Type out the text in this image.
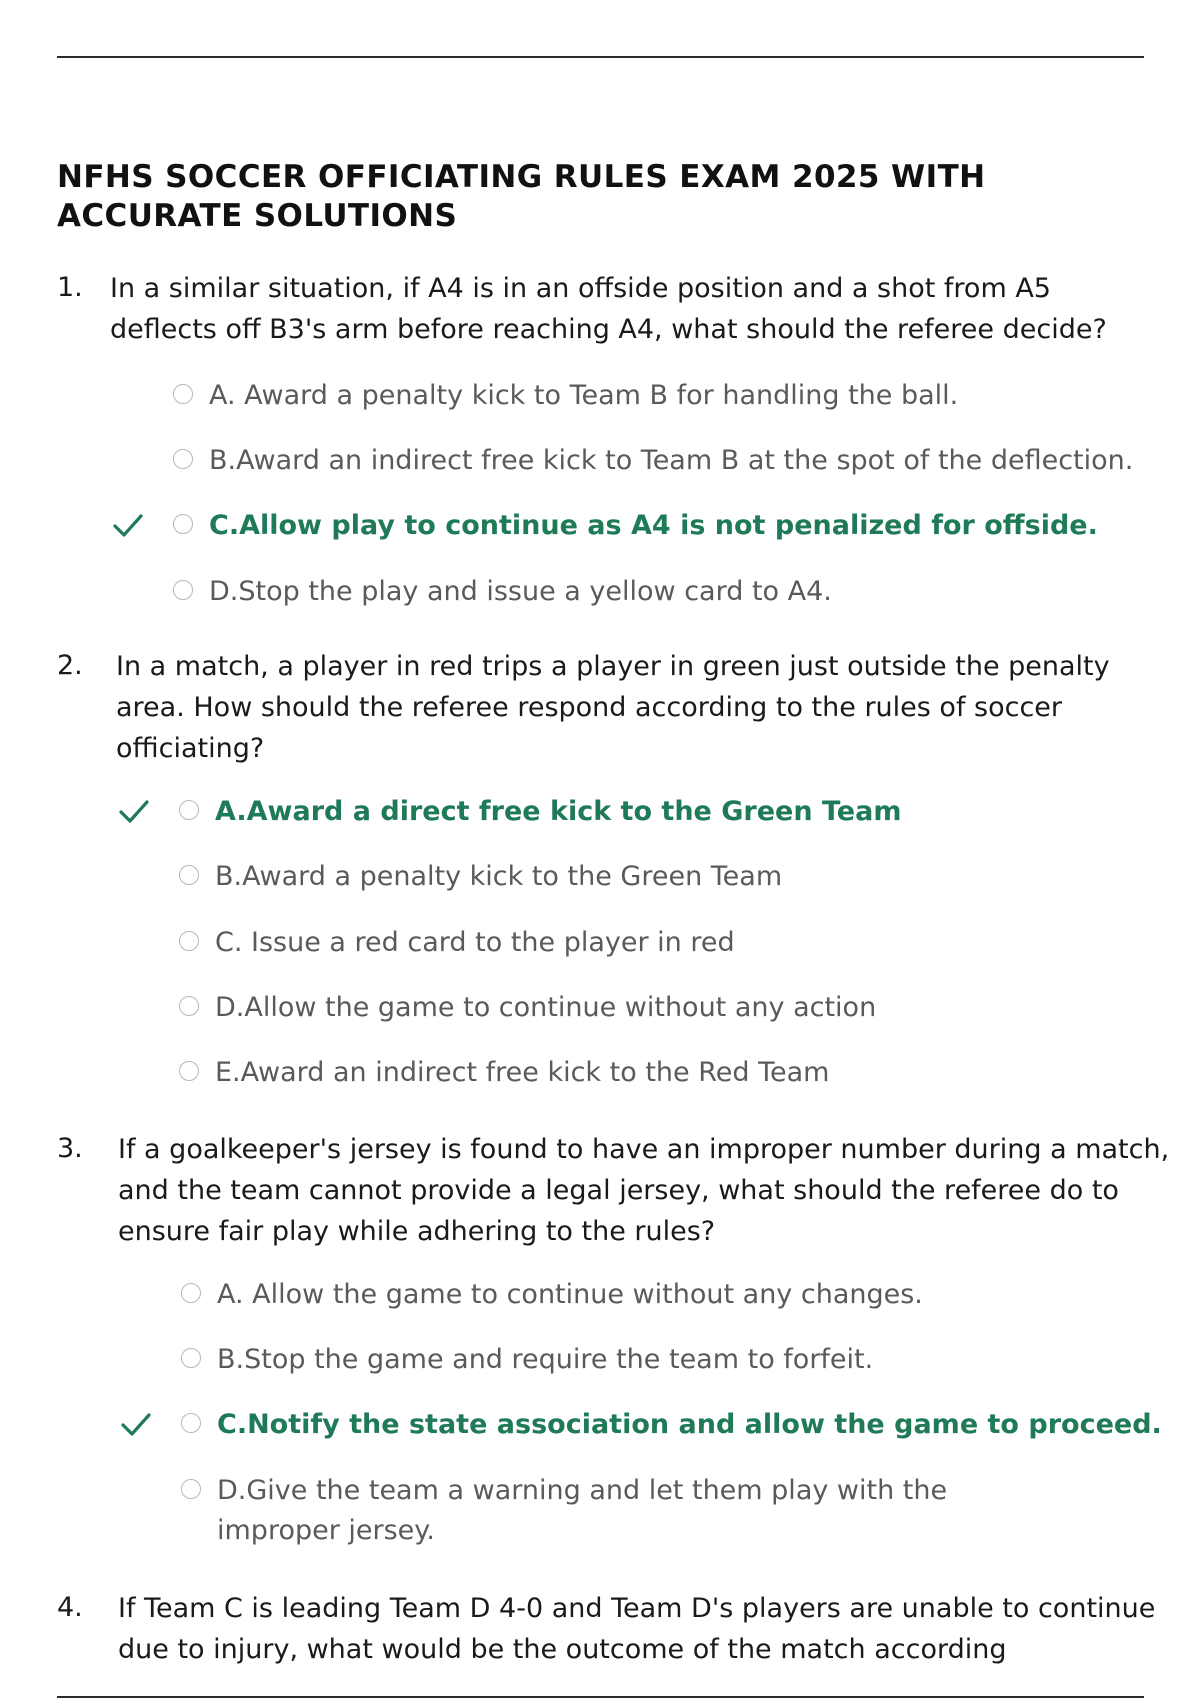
NFHS SOCCER OFFICIATING RULES EXAM 2025 WITH ACCURATE SOLUTIONS
1.	In a similar situation, if A4 is in an offside position and a shot from A5 deflects off B3's arm before reaching A4, what should the referee decide?
A. Award a penalty kick to Team B for handling the ball.
B.Award an indirect free kick to Team B at the spot of the deflection.
C.Allow play to continue as A4 is not penalized for offside.
D.Stop the play and issue a yellow card to A4.
2.	In a match, a player in red trips a player in green just outside the penalty area. How should the referee respond according to the rules of soccer officiating?
A.Award a direct free kick to the Green Team
B.Award a penalty kick to the Green Team
C. Issue a red card to the player in red
D.Allow the game to continue without any action
E.Award an indirect free kick to the Red Team
3.	If a goalkeeper's jersey is found to have an improper number during a match, and the team cannot provide a legal jersey, what should the referee do to ensure fair play while adhering to the rules?
A. Allow the game to continue without any changes.
B.Stop the game and require the team to forfeit.
C.Notify the state association and allow the game to proceed.
D.Give the team a warning and let them play with the improper jersey.
4.	If Team C is leading Team D 4-0 and Team D's players are unable to continue due to injury, what would be the outcome of the match according
